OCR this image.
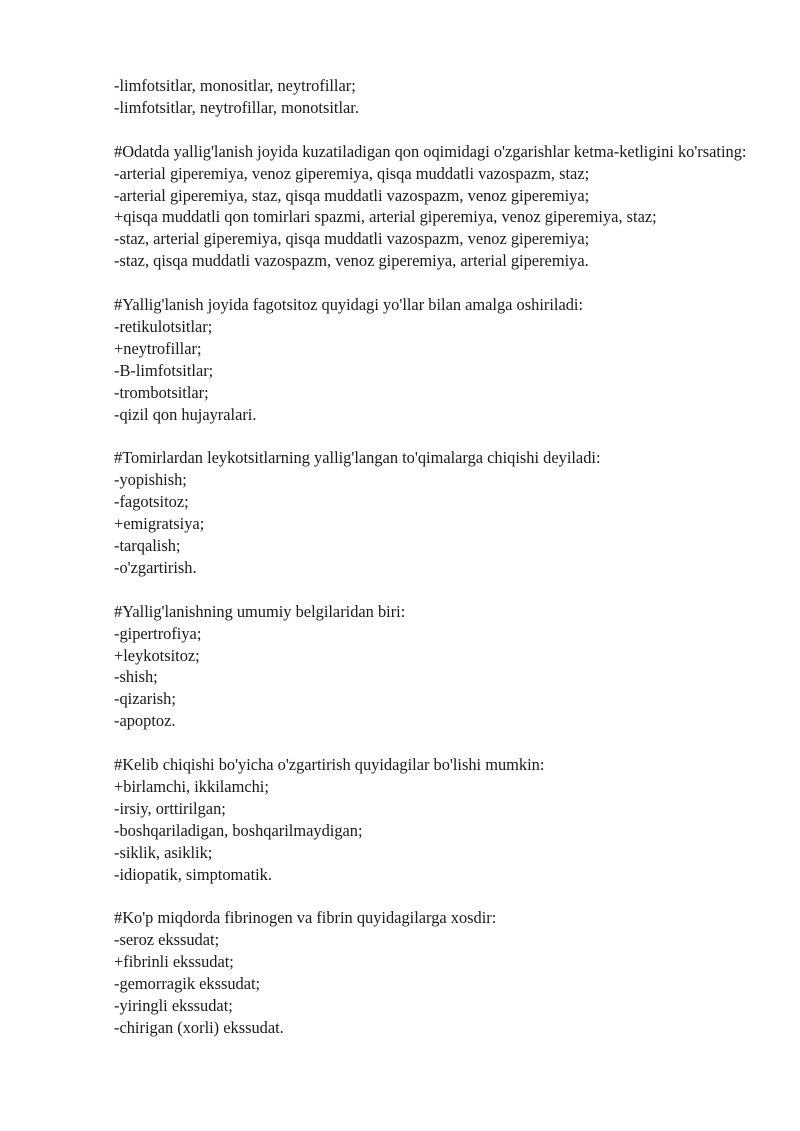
-limfotsitlar, monositlar, neytrofillar;
-limfotsitlar, neytrofillar, monotsitlar.
#Odatda yallig'lanish joyida kuzatiladigan qon oqimidagi o'zgarishlar ketma-ketligini ko'rsating:
-arterial giperemiya, venoz giperemiya, qisqa muddatli vazospazm, staz;
-arterial giperemiya, staz, qisqa muddatli vazospazm, venoz giperemiya;
+qisqa muddatli qon tomirlari spazmi, arterial giperemiya, venoz giperemiya, staz;
-staz, arterial giperemiya, qisqa muddatli vazospazm, venoz giperemiya;
-staz, qisqa muddatli vazospazm, venoz giperemiya, arterial giperemiya.
#Yallig'lanish joyida fagotsitoz quyidagi yo'llar bilan amalga oshiriladi:
-retikulotsitlar;
+neytrofillar;
-B-limfotsitlar;
-trombotsitlar;
-qizil qon hujayralari.
#Tomirlardan leykotsitlarning yallig'langan to'qimalarga chiqishi deyiladi:
-yopishish;
-fagotsitoz;
+emigratsiya;
-tarqalish;
-o'zgartirish.
#Yallig'lanishning umumiy belgilaridan biri:
-gipertrofiya;
+leykotsitoz;
-shish;
-qizarish;
-apoptoz.
#Kelib chiqishi bo'yicha o'zgartirish quyidagilar bo'lishi mumkin:
+birlamchi, ikkilamchi;
-irsiy, orttirilgan;
-boshqariladigan, boshqarilmaydigan;
-siklik, asiklik;
-idiopatik, simptomatik.
#Ko'p miqdorda fibrinogen va fibrin quyidagilarga xosdir:
-seroz ekssudat;
+fibrinli ekssudat;
-gemorragik ekssudat;
-yiringli ekssudat;
-chirigan (xorli) ekssudat.
